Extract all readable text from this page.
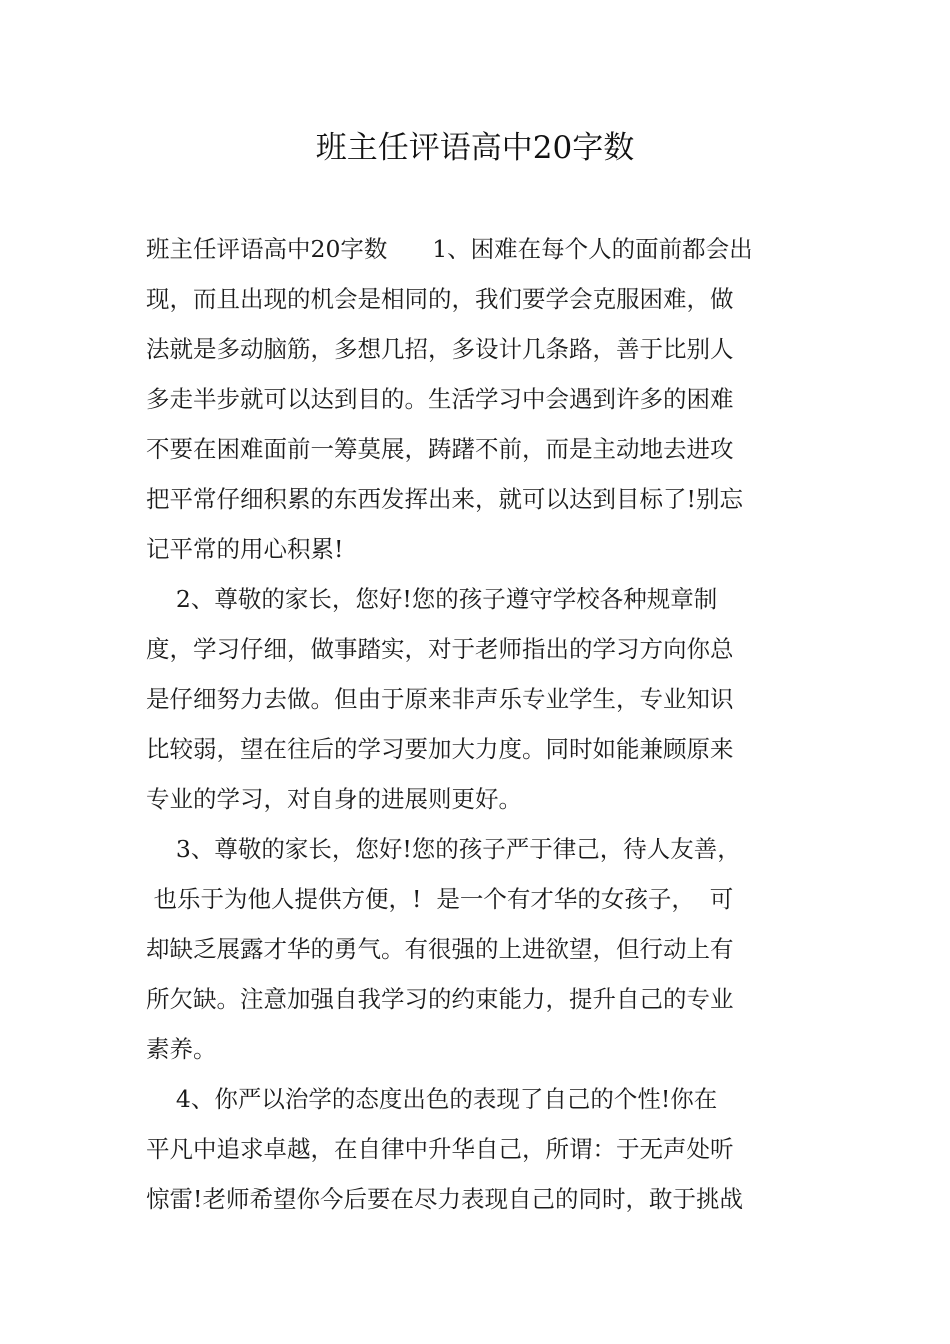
班主任评语高中20字数
班主任评语高中20字数      1、困难在每个人的面前都会出
现，而且出现的机会是相同的，我们要学会克服困难，做
法就是多动脑筋，多想几招，多设计几条路，善于比别人
多走半步就可以达到目的。生活学习中会遇到许多的困难
不要在困难面前一筹莫展，踌躇不前，而是主动地去进攻
把平常仔细积累的东西发挥出来，就可以达到目标了!别忘
记平常的用心积累!
2、尊敬的家长，您好!您的孩子遵守学校各种规章制
度，学习仔细，做事踏实，对于老师指出的学习方向你总
是仔细努力去做。但由于原来非声乐专业学生，专业知识
比较弱，望在往后的学习要加大力度。同时如能兼顾原来
专业的学习，对自身的进展则更好。
3、尊敬的家长，您好!您的孩子严于律己，待人友善，
也乐于为他人提供方便，!  是一个有才华的女孩子，  可
却缺乏展露才华的勇气。有很强的上进欲望，但行动上有
所欠缺。注意加强自我学习的约束能力，提升自己的专业
素养。
4、你严以治学的态度出色的表现了自己的个性!你在
平凡中追求卓越，在自律中升华自己，所谓：于无声处听
惊雷!老师希望你今后要在尽力表现自己的同时，敢于挑战
